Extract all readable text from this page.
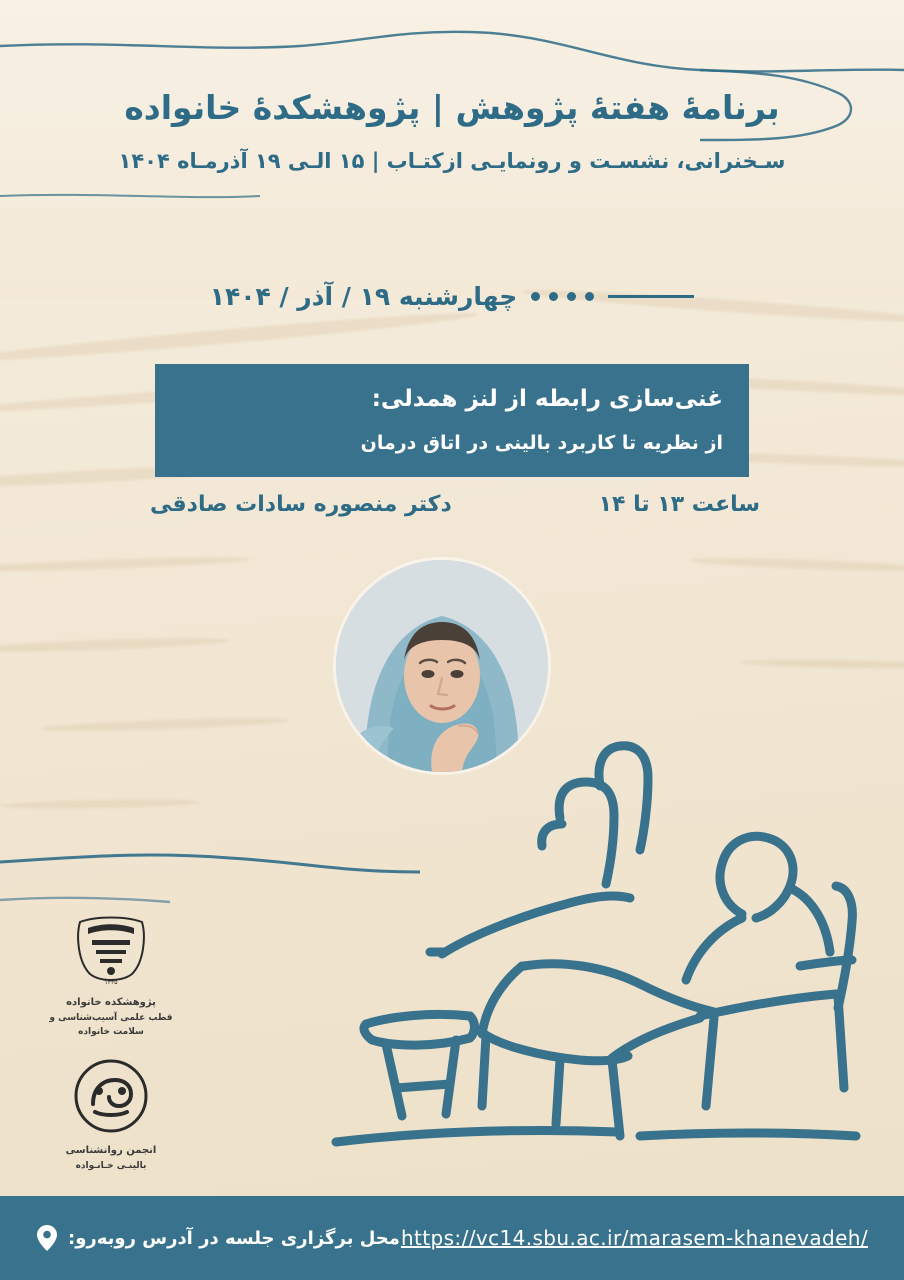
برنامهٔ هفتهٔ پژوهش | پژوهشکدهٔ خانواده
سـخنرانی، نشسـت و رونمایـی ازکتـاب | ۱۵ الـی ۱۹ آذرمـاه ۱۴۰۴
چهارشنبه ۱۹ / آذر / ۱۴۰۴
غنی‌سازی رابطه از لنز همدلی:
از نظریه تا کاربرد بالینی در اتاق درمان
دکتر منصوره سادات صادقی	ساعت ۱۳ تا ۱۴
۱۳۳۵
پژوهشکده خانواده
قطب علمی آسیب‌شناسی و سلامت خانواده
انجمن روانشناسی
بالینـی خـانـواده
محل برگزاری جلسه در آدرس روبه‌رو: https://vc14.sbu.ac.ir/marasem-khanevadeh/
